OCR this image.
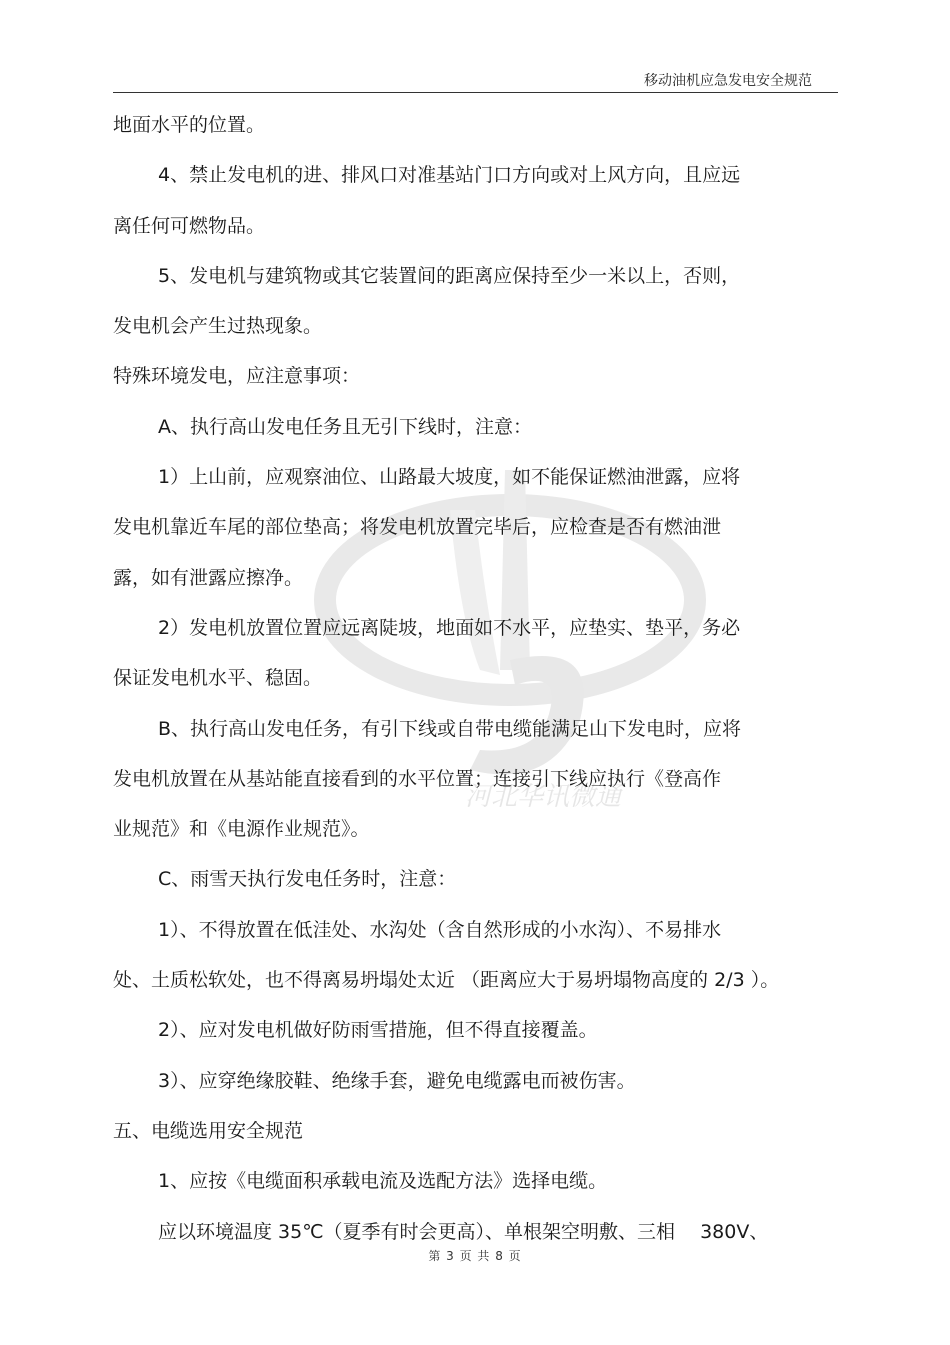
移动油机应急发电安全规范
河北华讯微通
地面水平的位置。
4、禁止发电机的进、排风口对准基站门口方向或对上风方向，且应远
离任何可燃物品。
5、发电机与建筑物或其它装置间的距离应保持至少一米以上，否则，
发电机会产生过热现象。
特殊环境发电，应注意事项：
A、执行高山发电任务且无引下线时，注意：
1）上山前，应观察油位、山路最大坡度，如不能保证燃油泄露，应将
发电机靠近车尾的部位垫高；将发电机放置完毕后，应检查是否有燃油泄
露，如有泄露应擦净。
2）发电机放置位置应远离陡坡，地面如不水平，应垫实、垫平，务必
保证发电机水平、稳固。
B、执行高山发电任务，有引下线或自带电缆能满足山下发电时，应将
发电机放置在从基站能直接看到的水平位置；连接引下线应执行《登高作
业规范》和《电源作业规范》。
C、雨雪天执行发电任务时，注意：
1）、不得放置在低洼处、水沟处（含自然形成的小水沟）、不易排水
处、土质松软处，也不得离易坍塌处太近 （距离应大于易坍塌物高度的 2/3 ）。
2）、应对发电机做好防雨雪措施，但不得直接覆盖。
3）、应穿绝缘胶鞋、绝缘手套，避免电缆露电而被伤害。
五、电缆选用安全规范
1、应按《电缆面积承载电流及选配方法》选择电缆。
应以环境温度 35℃（夏季有时会更高）、单根架空明敷、三相　 380V、
第 3 页 共 8 页
